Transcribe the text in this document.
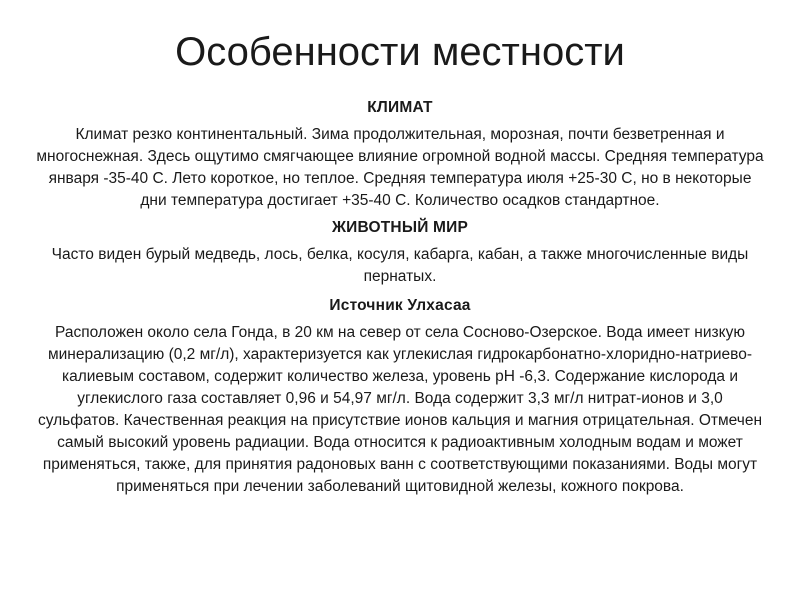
Особенности местности
КЛИМАТ
Климат резко континентальный. Зима продолжительная, морозная, почти безветренная и многоснежная. Здесь ощутимо смягчающее влияние огромной водной массы. Средняя температура января -35-40 С. Лето короткое, но теплое. Средняя температура июля +25-30 С, но в некоторые дни температура достигает +35-40 С. Количество осадков стандартное.
ЖИВОТНЫЙ МИР
Часто виден бурый медведь, лось, белка, косуля, кабарга, кабан, а также многочисленные виды пернатых.
Источник Улхасаа
Расположен около села Гонда, в 20 км на север от села Сосново-Озерское. Вода имеет низкую минерализацию (0,2 мг/л), характеризуется как углекислая гидрокарбонатно-хлоридно-натриево-калиевым составом, содержит количество железа, уровень pH -6,3. Содержание кислорода и углекислого газа составляет 0,96 и 54,97 мг/л. Вода содержит 3,3 мг/л нитрат-ионов и 3,0 сульфатов. Качественная реакция на присутствие ионов кальция и магния отрицательная. Отмечен самый высокий уровень радиации. Вода относится к радиоактивным холодным водам и может применяться, также, для принятия радоновых ванн с соответствующими показаниями. Воды могут применяться при лечении заболеваний щитовидной железы, кожного покрова.
